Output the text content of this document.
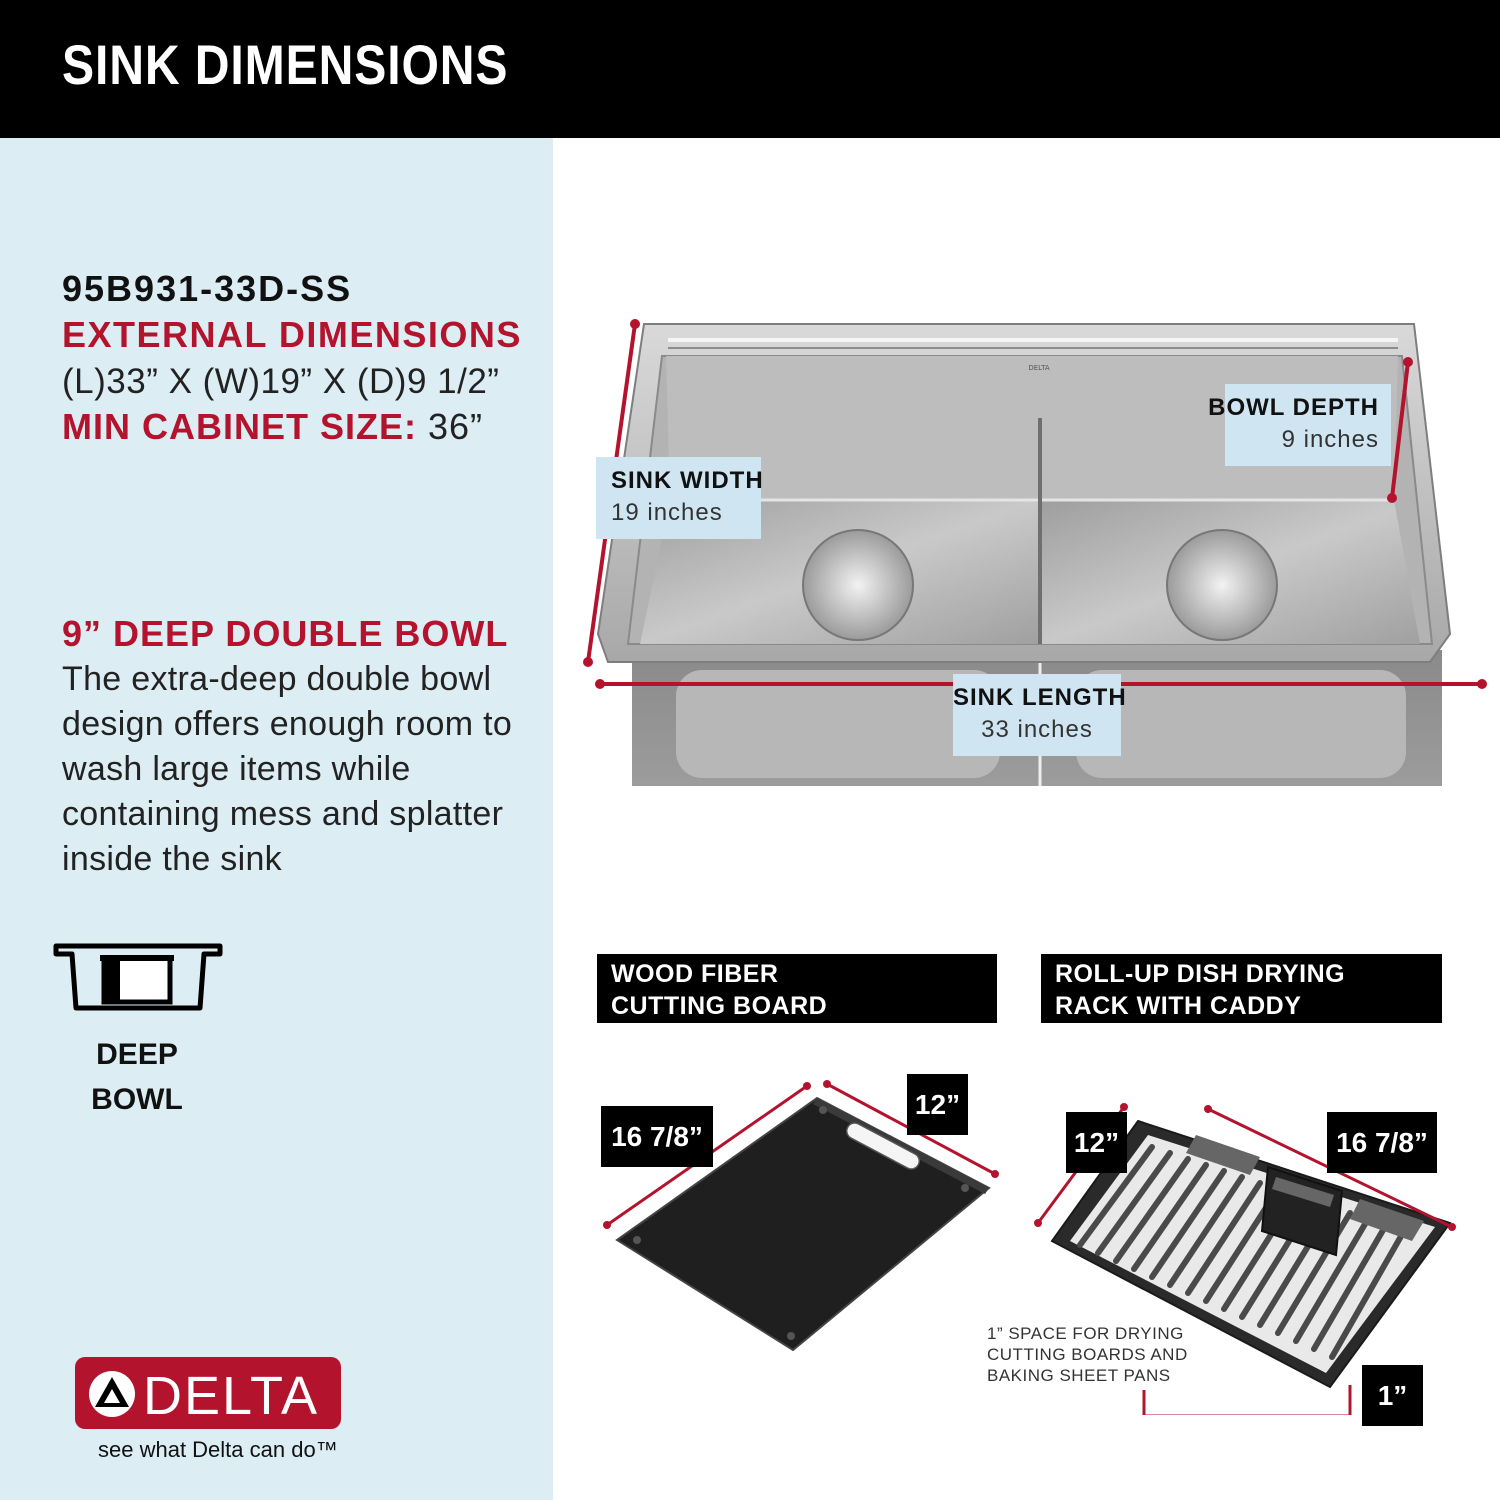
SINK DIMENSIONS

95B931-33D-SS

EXTERNAL DIMENSIONS

(L)33” X (W)19” X (D)9 1/2”

MIN CABINET SIZE: 36”

9” DEEP DOUBLE BOWL

The extra-deep double bowl design offers enough room to wash large items while containing mess and splatter inside the sink

DEEP
BOWL

DELTA
see what Delta can do™
DELTA
SINK WIDTH
19 inches
BOWL DEPTH
9 inches
SINK LENGTH
33 inches
WOOD FIBER
CUTTING BOARD
ROLL-UP DISH DRYING
RACK WITH CADDY
16 7/8”
12”
12”	16 7/8”
1”

1” SPACE FOR DRYING
CUTTING BOARDS AND
BAKING SHEET PANS
